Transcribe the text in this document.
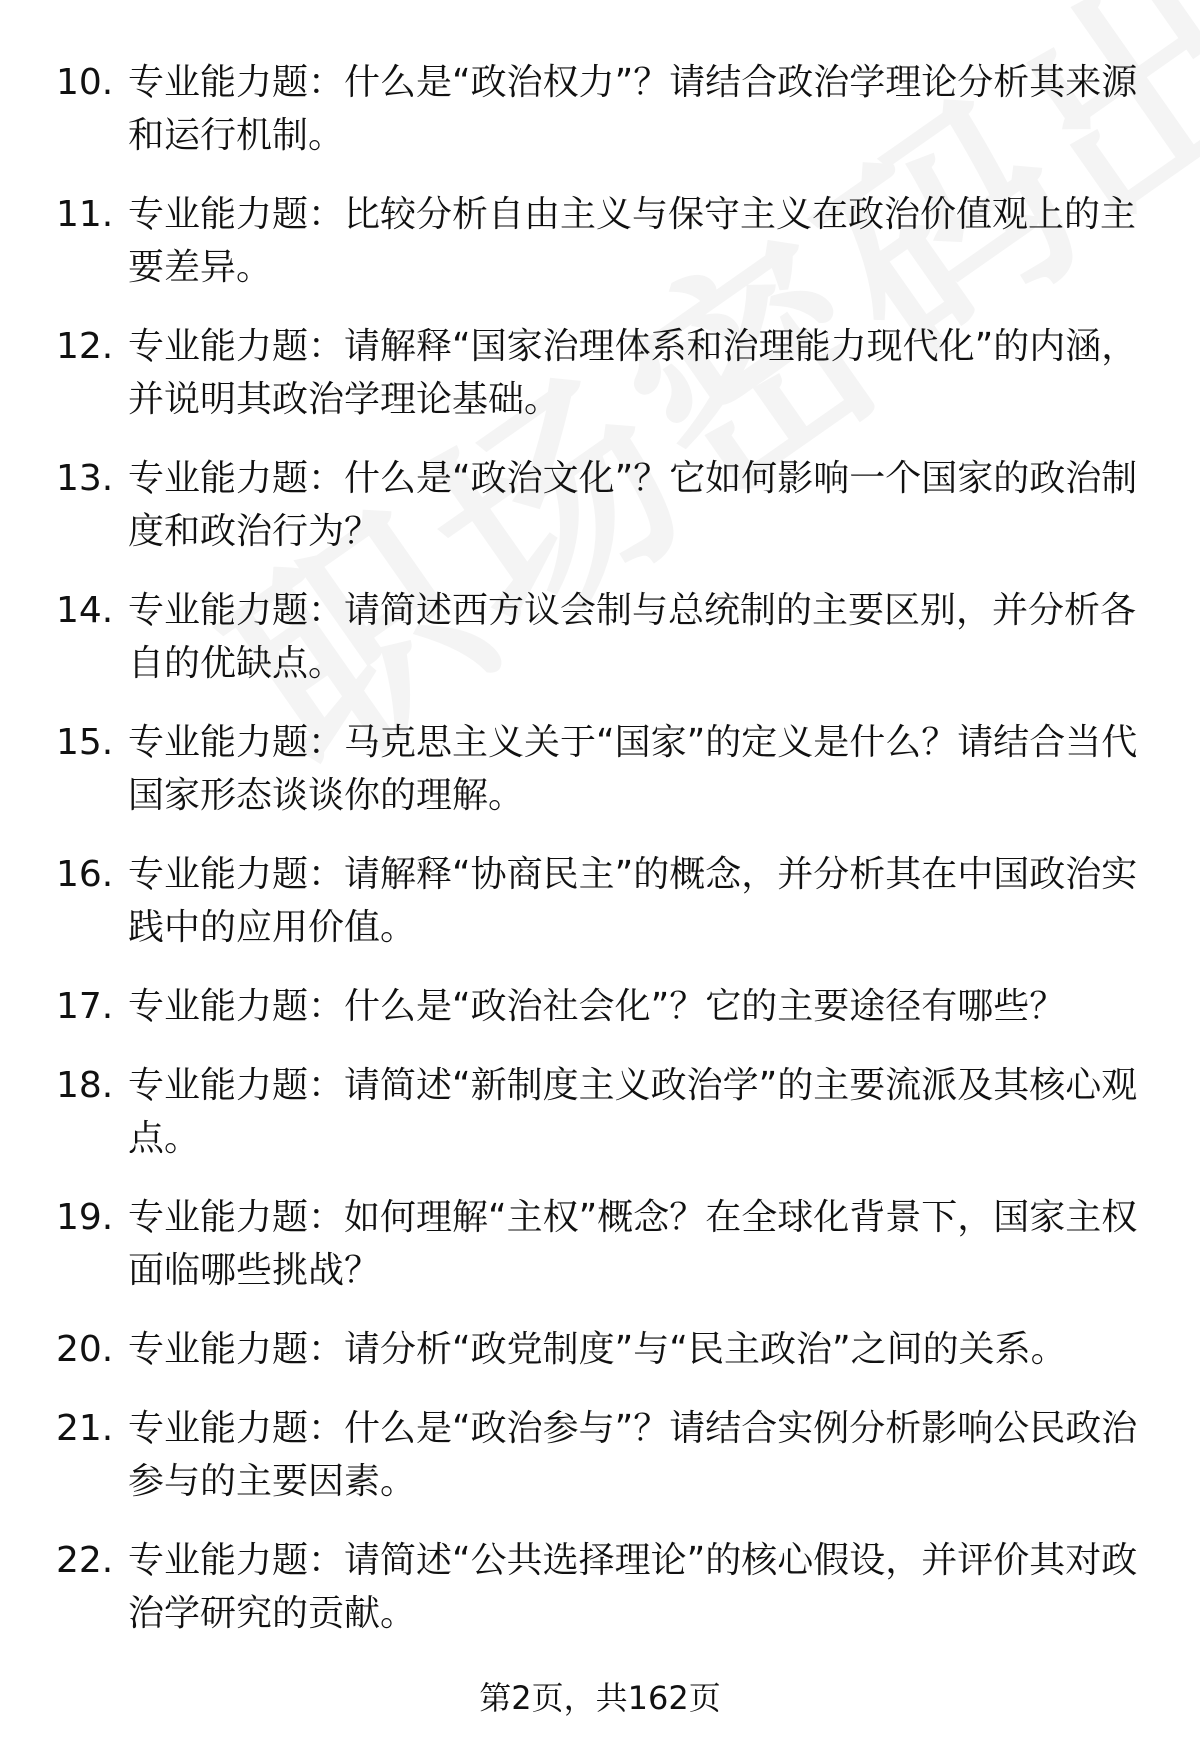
10. 专业能力题：什么是“政治权力”？请结合政治学理论分析其来源和运行机制。
11. 专业能力题：比较分析自由主义与保守主义在政治价值观上的主要差异。
12. 专业能力题：请解释“国家治理体系和治理能力现代化”的内涵，并说明其政治学理论基础。
13. 专业能力题：什么是“政治文化”？它如何影响一个国家的政治制度和政治行为？
14. 专业能力题：请简述西方议会制与总统制的主要区别，并分析各自的优缺点。
15. 专业能力题：马克思主义关于“国家”的定义是什么？请结合当代国家形态谈谈你的理解。
16. 专业能力题：请解释“协商民主”的概念，并分析其在中国政治实践中的应用价值。
17. 专业能力题：什么是“政治社会化”？它的主要途径有哪些？
18. 专业能力题：请简述“新制度主义政治学”的主要流派及其核心观点。
19. 专业能力题：如何理解“主权”概念？在全球化背景下，国家主权面临哪些挑战？
20. 专业能力题：请分析“政党制度”与“民主政治”之间的关系。
21. 专业能力题：什么是“政治参与”？请结合实例分析影响公民政治参与的主要因素。
22. 专业能力题：请简述“公共选择理论”的核心假设，并评价其对政治学研究的贡献。
第2页，共162页
